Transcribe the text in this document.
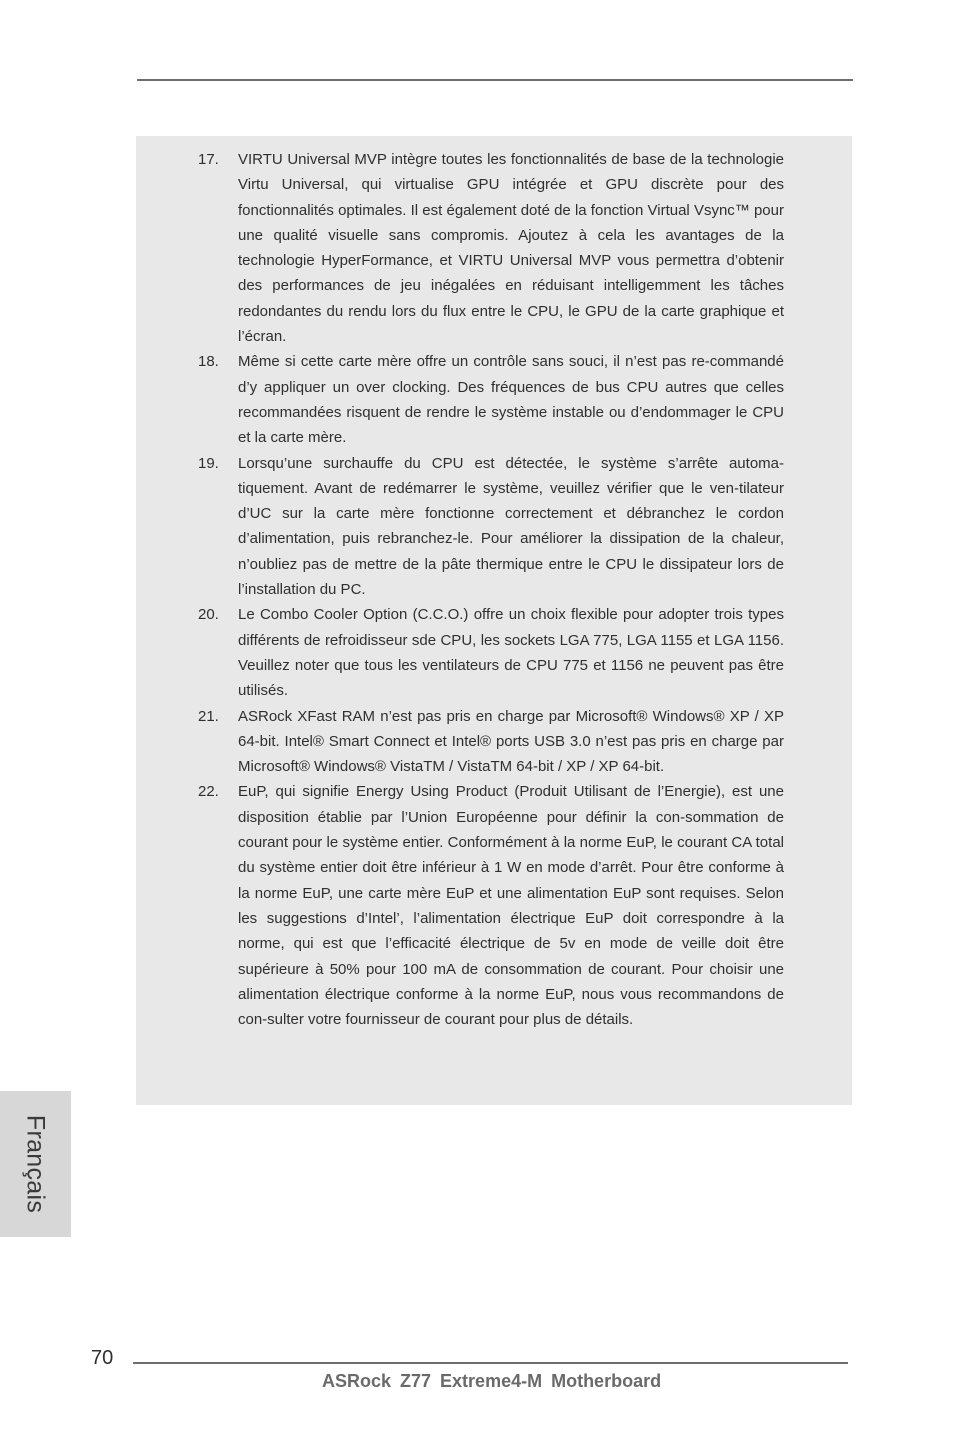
17.	VIRTU Universal MVP intègre toutes les fonctionnalités de base de la technologie Virtu Universal, qui virtualise GPU intégrée et GPU discrète pour des fonctionnalités optimales. Il est également doté de la fonction Virtual Vsync™ pour une qualité visuelle sans compromis. Ajoutez à cela les avantages de la technologie HyperFormance, et VIRTU Universal MVP vous permettra d’obtenir des performances de jeu inégalées en réduisant intelligemment les tâches redondantes du rendu lors du flux entre le CPU, le GPU de la carte graphique et l’écran.
18.	Même si cette carte mère offre un contrôle sans souci, il n’est pas re-commandé d’y appliquer un over clocking. Des fréquences de bus CPU autres que celles recommandées risquent de rendre le système instable ou d’endommager le CPU et la carte mère.
19.	Lorsqu’une surchauffe du CPU est détectée, le système s’arrête automa-tiquement. Avant de redémarrer le système, veuillez vérifier que le ven-tilateur d’UC sur la carte mère fonctionne correctement et débranchez le cordon d’alimentation, puis rebranchez-le. Pour améliorer la dissipation de la chaleur, n’oubliez pas de mettre de la pâte thermique entre le CPU le dissipateur lors de l’installation du PC.
20.	Le Combo Cooler Option (C.C.O.) offre un choix flexible pour adopter trois types différents de refroidisseur sde CPU, les sockets LGA 775, LGA 1155 et LGA 1156. Veuillez noter que tous les ventilateurs de CPU 775 et 1156 ne peuvent pas être utilisés.
21.	ASRock XFast RAM n’est pas pris en charge par Microsoft® Windows® XP / XP 64-bit. Intel® Smart Connect et Intel® ports USB 3.0 n’est pas pris en charge par Microsoft® Windows® VistaTM / VistaTM 64-bit / XP / XP 64-bit.
22.	EuP, qui signifie Energy Using Product (Produit Utilisant de l’Energie), est une disposition établie par l’Union Européenne pour définir la con-sommation de courant pour le système entier. Conformément à la norme EuP, le courant CA total du système entier doit être inférieur à 1 W en mode d’arrêt. Pour être conforme à la norme EuP, une carte mère EuP et une alimentation EuP sont requises. Selon les suggestions d’Intel’, l’alimentation électrique EuP doit correspondre à la norme, qui est que l’efficacité électrique de 5v en mode de veille doit être supérieure à 50% pour 100 mA de consommation de courant. Pour choisir une alimentation électrique conforme à la norme EuP, nous vous recommandons de con-sulter votre fournisseur de courant pour plus de détails.
Français
70
ASRock Z77 Extreme4-M Motherboard
